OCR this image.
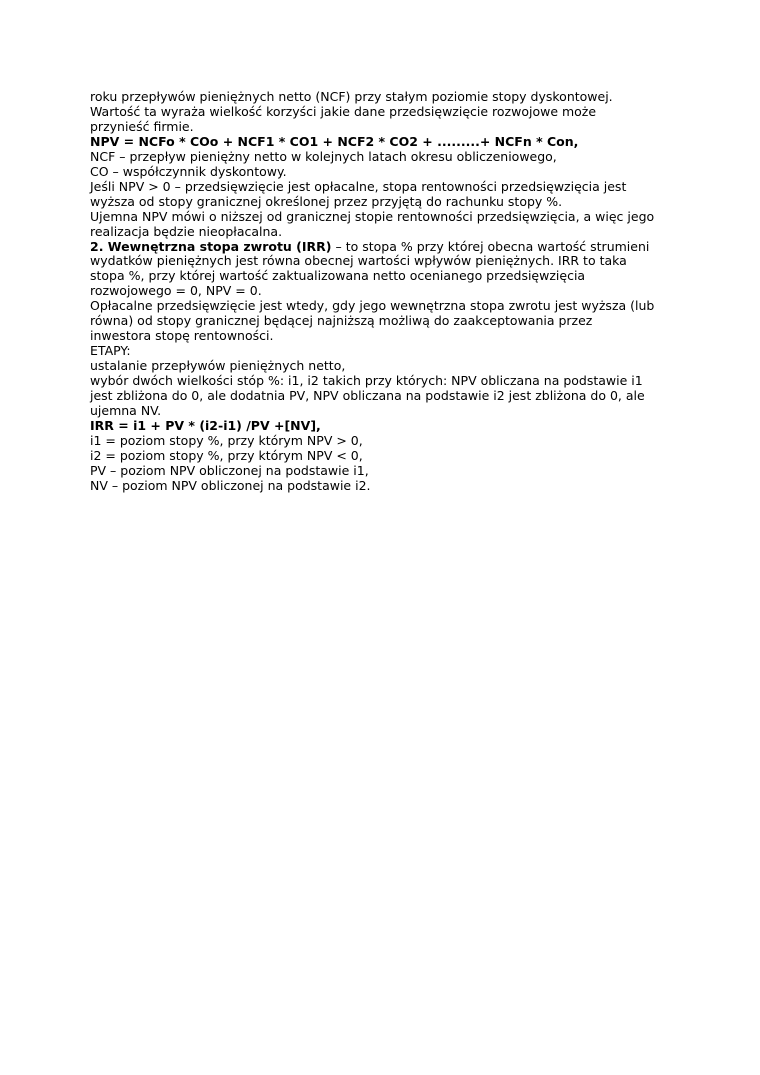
roku przepływów pieniężnych netto (NCF) przy stałym poziomie stopy dyskontowej.
Wartość ta wyraża wielkość korzyści jakie dane przedsięwzięcie rozwojowe może
przynieść firmie.
NPV = NCFo * COo + NCF1 * CO1 + NCF2 * CO2 + .........+ NCFn * Con,
NCF – przepływ pieniężny netto w kolejnych latach okresu obliczeniowego,
CO – współczynnik dyskontowy.
Jeśli NPV > 0 – przedsięwzięcie jest opłacalne, stopa rentowności przedsięwzięcia jest
wyższa od stopy granicznej określonej przez przyjętą do rachunku stopy %.
Ujemna NPV mówi o niższej od granicznej stopie rentowności przedsięwzięcia, a więc jego
realizacja będzie nieopłacalna.
2. Wewnętrzna stopa zwrotu (IRR) – to stopa % przy której obecna wartość strumieni
wydatków pieniężnych jest równa obecnej wartości wpływów pieniężnych. IRR to taka
stopa %, przy której wartość zaktualizowana netto ocenianego przedsięwzięcia
rozwojowego = 0, NPV = 0.
Opłacalne przedsięwzięcie jest wtedy, gdy jego wewnętrzna stopa zwrotu jest wyższa (lub
równa) od stopy granicznej będącej najniższą możliwą do zaakceptowania przez
inwestora stopę rentowności.
ETAPY:
ustalanie przepływów pieniężnych netto,
wybór dwóch wielkości stóp %: i1, i2 takich przy których: NPV obliczana na podstawie i1
jest zbliżona do 0, ale dodatnia PV, NPV obliczana na podstawie i2 jest zbliżona do 0, ale
ujemna NV.
IRR = i1 + PV * (i2-i1) /PV +[NV],
i1 = poziom stopy %, przy którym NPV > 0,
i2 = poziom stopy %, przy którym NPV < 0,
PV – poziom NPV obliczonej na podstawie i1,
NV – poziom NPV obliczonej na podstawie i2.
